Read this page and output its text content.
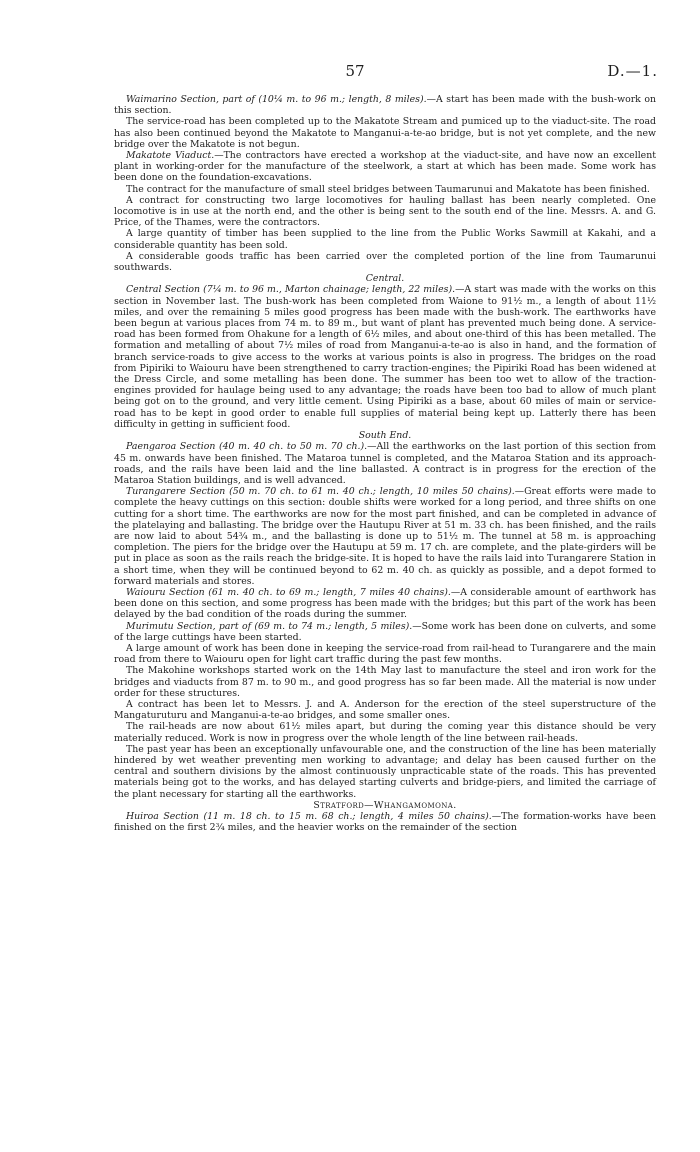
57	D.—1.

Waimarino Section, part of (10¼ m. to 96 m.; length, 8 miles).—A start has been made with the bush-work on this section.

The service-road has been completed up to the Makatote Stream and pumiced up to the viaduct-site. The road has also been continued beyond the Makatote to Manganui-a-te-ao bridge, but is not yet complete, and the new bridge over the Makatote is not begun.

Makatote Viaduct.—The contractors have erected a workshop at the viaduct-site, and have now an excellent plant in working-order for the manufacture of the steelwork, a start at which has been made. Some work has been done on the foundation-excavations.

The contract for the manufacture of small steel bridges between Taumarunui and Makatote has been finished.

A contract for constructing two large locomotives for hauling ballast has been nearly completed. One locomotive is in use at the north end, and the other is being sent to the south end of the line. Messrs. A. and G. Price, of the Thames, were the contractors.

A large quantity of timber has been supplied to the line from the Public Works Sawmill at Kakahi, and a considerable quantity has been sold.

A considerable goods traffic has been carried over the completed portion of the line from Taumarunui southwards.

Central.

Central Section (7¼ m. to 96 m., Marton chainage; length, 22 miles).—A start was made with the works on this section in November last. The bush-work has been completed from Waione to 91½ m., a length of about 11½ miles, and over the remaining 5 miles good progress has been made with the bush-work. The earthworks have been begun at various places from 74 m. to 89 m., but want of plant has prevented much being done. A service-road has been formed from Ohakune for a length of 6½ miles, and about one-third of this has been metalled. The formation and metalling of about 7½ miles of road from Manganui-a-te-ao is also in hand, and the formation of branch service-roads to give access to the works at various points is also in progress. The bridges on the road from Pipiriki to Waiouru have been strengthened to carry traction-engines; the Pipiriki Road has been widened at the Dress Circle, and some metalling has been done. The summer has been too wet to allow of the traction-engines provided for haulage being used to any advantage; the roads have been too bad to allow of much plant being got on to the ground, and very little cement. Using Pipiriki as a base, about 60 miles of main or service-road has to be kept in good order to enable full supplies of material being kept up. Latterly there has been difficulty in getting in sufficient food.

South End.

Paengaroa Section (40 m. 40 ch. to 50 m. 70 ch.).—All the earthworks on the last portion of this section from 45 m. onwards have been finished. The Mataroa tunnel is completed, and the Mataroa Station and its approach-roads, and the rails have been laid and the line ballasted. A contract is in progress for the erection of the Mataroa Station buildings, and is well advanced.

Turangarere Section (50 m. 70 ch. to 61 m. 40 ch.; length, 10 miles 50 chains).—Great efforts were made to complete the heavy cuttings on this section: double shifts were worked for a long period, and three shifts on one cutting for a short time. The earthworks are now for the most part finished, and can be completed in advance of the platelaying and ballasting. The bridge over the Hautupu River at 51 m. 33 ch. has been finished, and the rails are now laid to about 54¾ m., and the ballasting is done up to 51½ m. The tunnel at 58 m. is approaching completion. The piers for the bridge over the Hautupu at 59 m. 17 ch. are complete, and the plate-girders will be put in place as soon as the rails reach the bridge-site. It is hoped to have the rails laid into Turangarere Station in a short time, when they will be continued beyond to 62 m. 40 ch. as quickly as possible, and a depot formed to forward materials and stores.

Waiouru Section (61 m. 40 ch. to 69 m.; length, 7 miles 40 chains).—A considerable amount of earthwork has been done on this section, and some progress has been made with the bridges; but this part of the work has been delayed by the bad condition of the roads during the summer.

Murimutu Section, part of (69 m. to 74 m.; length, 5 miles).—Some work has been done on culverts, and some of the large cuttings have been started.

A large amount of work has been done in keeping the service-road from rail-head to Turangarere and the main road from there to Waiouru open for light cart traffic during the past few months.

The Makohine workshops started work on the 14th May last to manufacture the steel and iron work for the bridges and viaducts from 87 m. to 90 m., and good progress has so far been made. All the material is now under order for these structures.

A contract has been let to Messrs. J. and A. Anderson for the erection of the steel superstructure of the Mangaturuturu and Manganui-a-te-ao bridges, and some smaller ones.

The rail-heads are now about 61½ miles apart, but during the coming year this distance should be very materially reduced. Work is now in progress over the whole length of the line between rail-heads.

The past year has been an exceptionally unfavourable one, and the construction of the line has been materially hindered by wet weather preventing men working to advantage; and delay has been caused further on the central and southern divisions by the almost continuously unpracticable state of the roads. This has prevented materials being got to the works, and has delayed starting culverts and bridge-piers, and limited the carriage of the plant necessary for starting all the earthworks.

Stratford—Whangamomona.

Huiroa Section (11 m. 18 ch. to 15 m. 68 ch.; length, 4 miles 50 chains).—The formation-works have been finished on the first 2¾ miles, and the heavier works on the remainder of the section
